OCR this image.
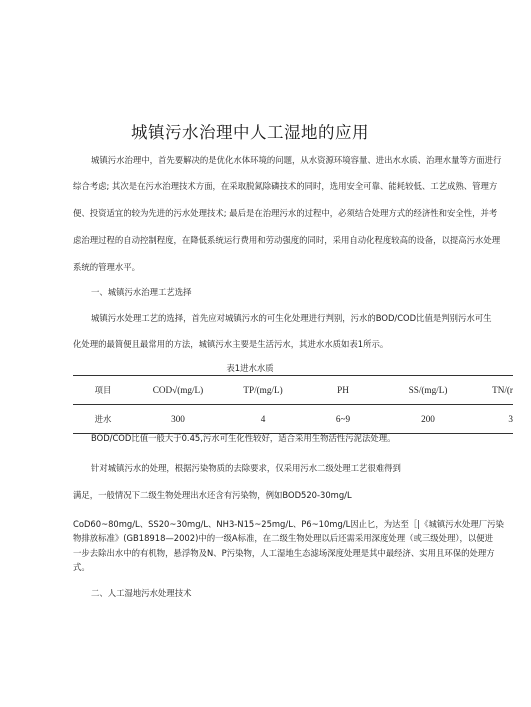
城镇污水治理中人工湿地的应用
城镇污水治理中，首先要解决的是优化水体环境的问题，从水资源环境容量、进出水水质、治理水量等方面进行
综合考虑; 其次是在污水治理技术方面，在采取脱氮除磷技术的同时，选用安全可靠、能耗较低、工艺成熟、管理方
便、投资适宜的较为先进的污水处理技术; 最后是在治理污水的过程中，必须结合处理方式的经济性和安全性，并考
虑治理过程的自动控制程度，在降低系统运行费用和劳动强度的同时，采用自动化程度较高的设备，以提高污水处理
系统的管理水平。
一、城镇污水治理工艺选择
城镇污水处理工艺的选择，首先应对城镇污水的可生化处理进行判别，污水的BOD/COD比值是判别污水可生
化处理的最简便且最常用的方法，城镇污水主要是生活污水，其进水水质如表1所示。
表1进水水质
项目	COD√(mg/L)	TP/(mg/L)	PH	SS/(mg/L)	TN/(r
进水	300	4	6~9	200	3
BOD/COD比值一般大于0.45,污水可生化性较好，适合采用生物活性污泥法处理。
针对城镇污水的处理，根据污染物质的去除要求，仅采用污水二级处理工艺很难得到
满足，一般情况下二级生物处理出水还含有污染物，例如BOD520-30mg/L
CoD60~80mg/L、SS20~30mg/L、NH3-N15~25mg/L、P6~10mg/L因止匕，为达至［|《城镇污水处理厂污染
物排放标准》(GB18918—2002)中的一级A标准，在二级生物处理以后还需采用深度处理（或三级处理），以便进
一步去除出水中的有机物，悬浮物及N、P污染物，人工湿地生态滤场深度处理是其中最经济、实用且环保的处理方
式。
二、人工湿地污水处理技术
